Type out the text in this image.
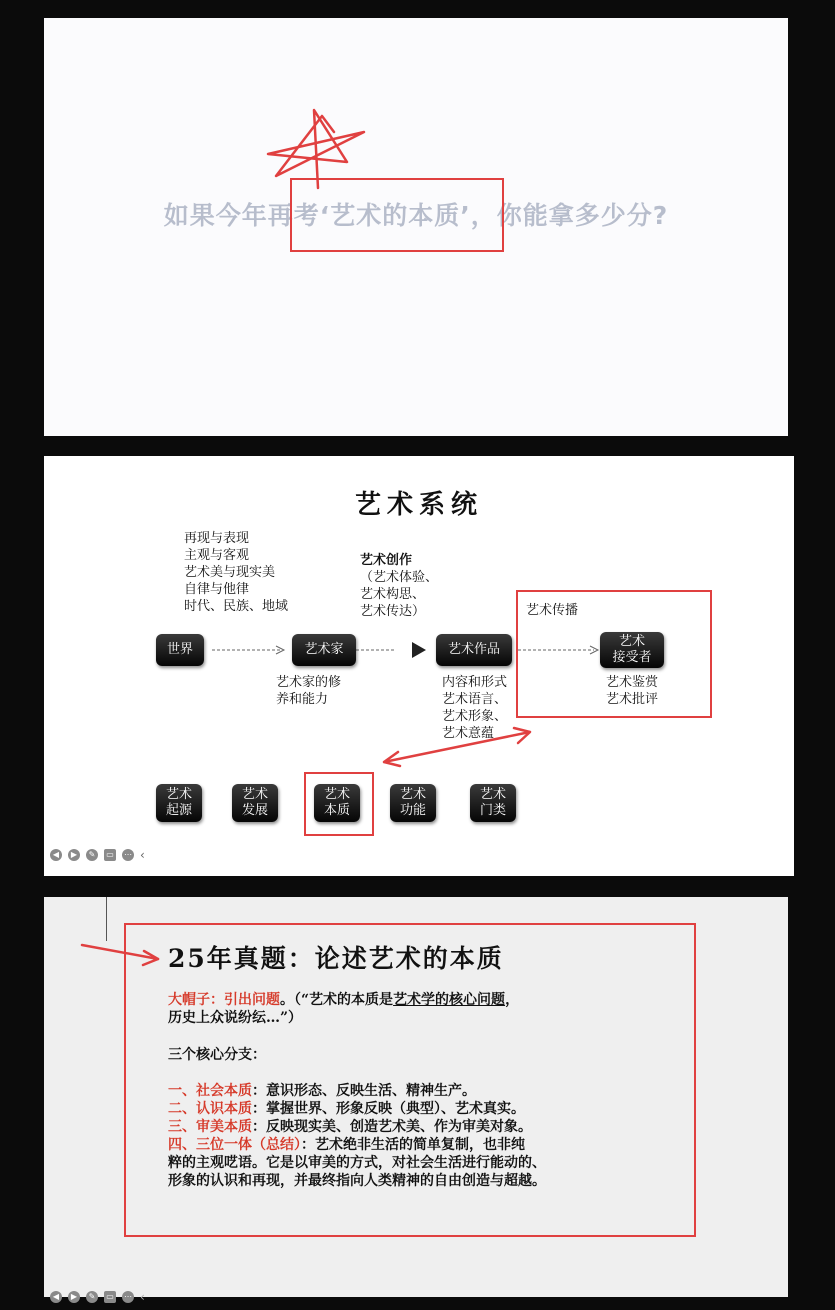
如果今年再考‘艺术的本质’，你能拿多少分?
艺术系统
再现与表现
主观与客观
艺术美与现实美
自律与他律
时代、民族、地域
艺术创作
（艺术体验、
艺术构思、
艺术传达）
世界	艺术家	艺术作品
艺术
接受者
艺术传播
艺术家的修
养和能力
内容和形式
艺术语言、
艺术形象、
艺术意蕴
艺术鉴赏
艺术批评
艺术
起源
艺术
发展
艺术
本质
艺术
功能
艺术
门类
◀	▶	✎	▭ ⋯ ‹
25年真题：论述艺术的本质
大帽子：引出问题。（“艺术的本质是艺术学的核心问题，
历史上众说纷纭…”）
三个核心分支：
一、社会本质：意识形态、反映生活、精神生产。
二、认识本质：掌握世界、形象反映（典型）、艺术真实。
三、审美本质：反映现实美、创造艺术美、作为审美对象。
四、三位一体（总结）：艺术绝非生活的简单复制，也非纯
粹的主观呓语。它是以审美的方式，对社会生活进行能动的、
形象的认识和再现，并最终指向人类精神的自由创造与超越。
◀	▶	✎	▭ ⋯ ‹
